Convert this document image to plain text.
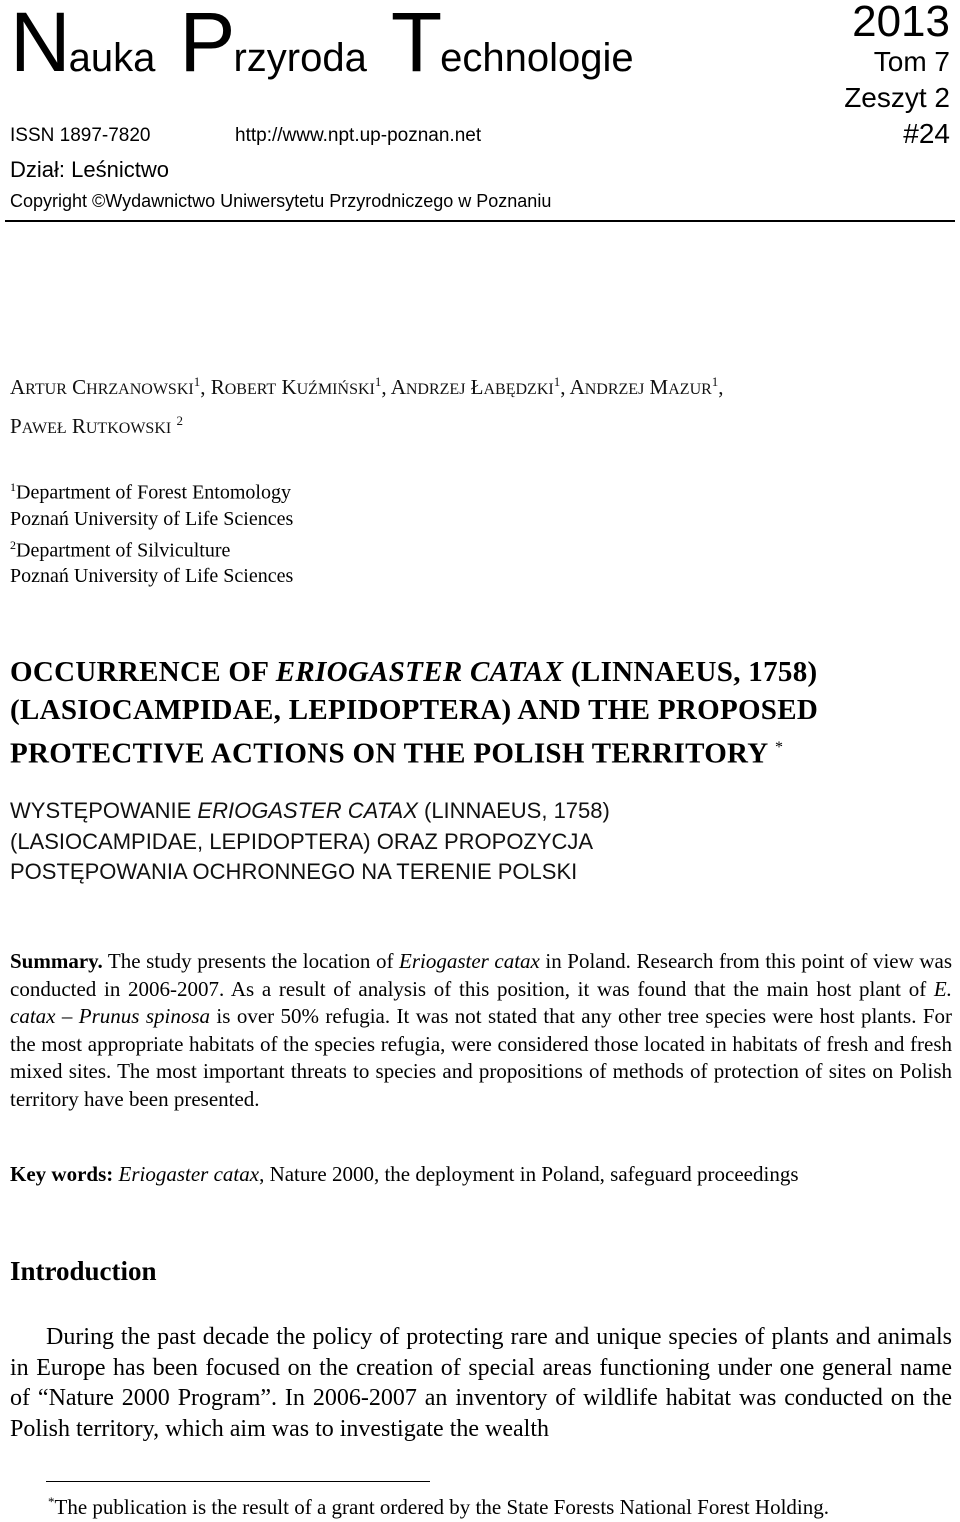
Nauka Przyroda Technologie
2013
Tom 7
Zeszyt 2
#24
ISSN 1897-7820	http://www.npt.up-poznan.net
Dział: Leśnictwo
Copyright ©Wydawnictwo Uniwersytetu Przyrodniczego w Poznaniu
ARTUR CHRZANOWSKI$^1$, ROBERT KUŹMIŃSKI$^1$, ANDRZEJ ŁABĘDZKI$^1$, ANDRZEJ MAZUR$^1$,
PAWEŁ RUTKOWSKI $^2$
$^1$Department of Forest Entomology
Poznań University of Life Sciences
$^2$Department of Silviculture
Poznań University of Life Sciences
OCCURRENCE OF ERIOGASTER CATAX (LINNAEUS, 1758)
(LASIOCAMPIDAE, LEPIDOPTERA) AND THE PROPOSED
PROTECTIVE ACTIONS ON THE POLISH TERRITORY *
WYSTĘPOWANIE ERIOGASTER CATAX (LINNAEUS, 1758)
(LASIOCAMPIDAE, LEPIDOPTERA) ORAZ PROPOZYCJA
POSTĘPOWANIA OCHRONNEGO NA TERENIE POLSKI
Summary. The study presents the location of Eriogaster catax in Poland. Research from this point of view was conducted in 2006-2007. As a result of analysis of this position, it was found that the main host plant of E. catax – Prunus spinosa is over 50% refugia. It was not stated that any other tree species were host plants. For the most appropriate habitats of the species refugia, were considered those located in habitats of fresh and fresh mixed sites. The most important threats to species and propositions of methods of protection of sites on Polish territory have been presented.
Key words: Eriogaster catax, Nature 2000, the deployment in Poland, safeguard proceedings
Introduction
During the past decade the policy of protecting rare and unique species of plants and animals in Europe has been focused on the creation of special areas functioning under one general name of “Nature 2000 Program”. In 2006-2007 an inventory of wildlife habitat was conducted on the Polish territory, which aim was to investigate the wealth
*The publication is the result of a grant ordered by the State Forests National Forest Holding.
